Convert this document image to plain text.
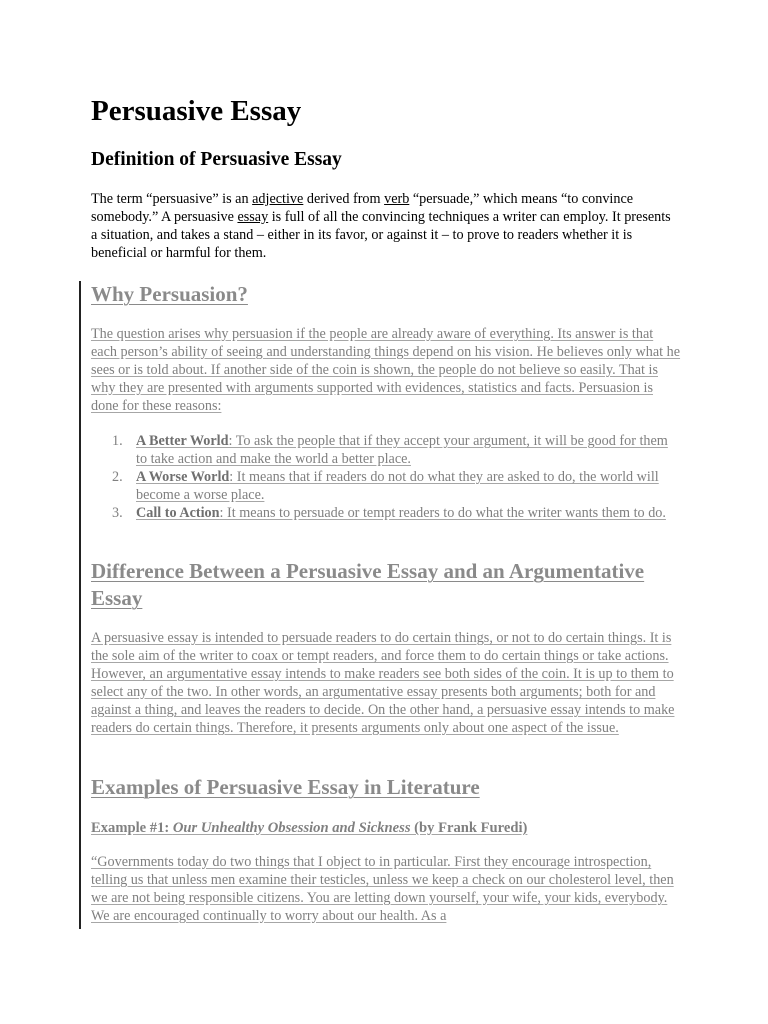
Persuasive Essay
Definition of Persuasive Essay

The term “persuasive” is an adjective derived from verb “persuade,” which means “to convince somebody.” A persuasive essay is full of all the convincing techniques a writer can employ. It presents a situation, and takes a stand – either in its favor, or against it – to prove to readers whether it is beneficial or harmful for them.

Why Persuasion?

The question arises why persuasion if the people are already aware of everything. Its answer is that each person’s ability of seeing and understanding things depend on his vision. He believes only what he sees or is told about. If another side of the coin is shown, the people do not believe so easily. That is why they are presented with arguments supported with evidences, statistics and facts. Persuasion is done for these reasons:

1. A Better World: To ask the people that if they accept your argument, it will be good for them to take action and make the world a better place.
2. A Worse World: It means that if readers do not do what they are asked to do, the world will become a worse place.
3. Call to Action: It means to persuade or tempt readers to do what the writer wants them to do.
Difference Between a Persuasive Essay and an Argumentative Essay

A persuasive essay is intended to persuade readers to do certain things, or not to do certain things. It is the sole aim of the writer to coax or tempt readers, and force them to do certain things or take actions. However, an argumentative essay intends to make readers see both sides of the coin. It is up to them to select any of the two. In other words, an argumentative essay presents both arguments; both for and against a thing, and leaves the readers to decide. On the other hand, a persuasive essay intends to make readers do certain things. Therefore, it presents arguments only about one aspect of the issue.

Examples of Persuasive Essay in Literature

Example #1: Our Unhealthy Obsession and Sickness (by Frank Furedi)

“Governments today do two things that I object to in particular. First they encourage introspection, telling us that unless men examine their testicles, unless we keep a check on our cholesterol level, then we are not being responsible citizens. You are letting down yourself, your wife, your kids, everybody. We are encouraged continually to worry about our health. As a
